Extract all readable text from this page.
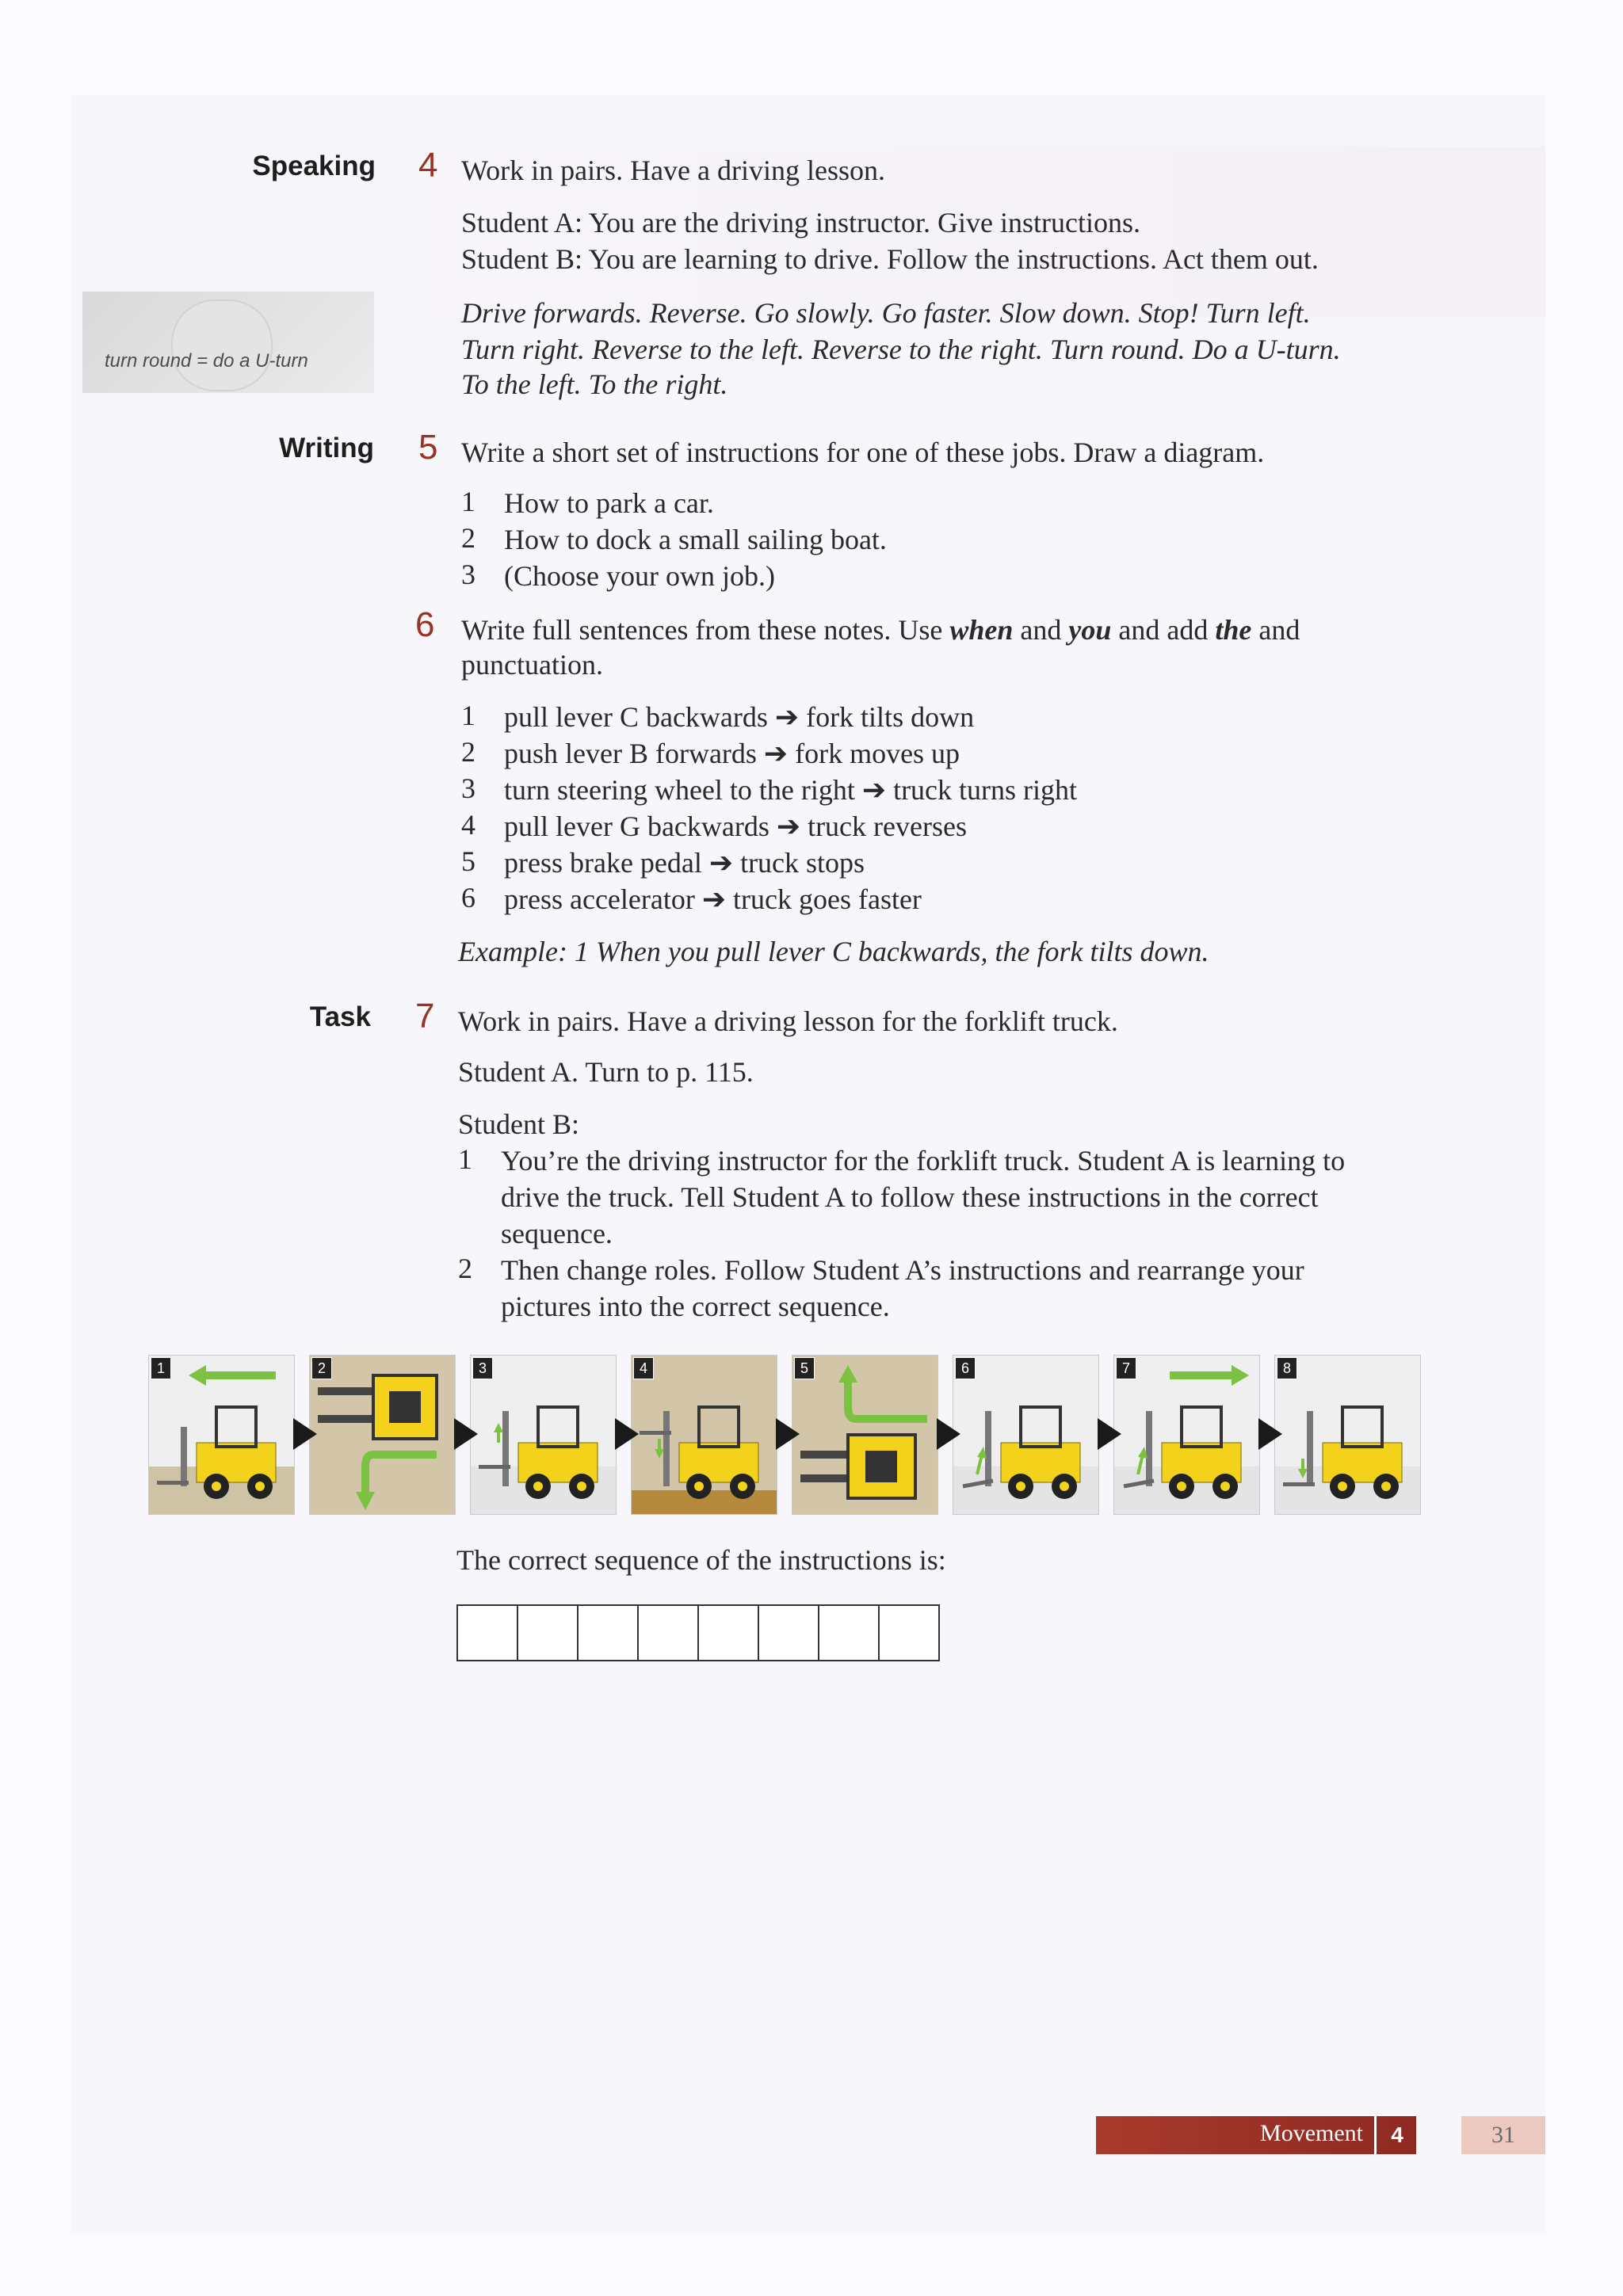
Speaking 4 Work in pairs. Have a driving lesson.
Student A: You are the driving instructor. Give instructions.
Student B: You are learning to drive. Follow the instructions. Act them out.
Drive forwards. Reverse. Go slowly. Go faster. Slow down. Stop! Turn left.
Turn right. Reverse to the left. Reverse to the right. Turn round. Do a U-turn.
To the left. To the right.
turn round = do a U-turn
Writing 5 Write a short set of instructions for one of these jobs. Draw a diagram.
1 How to park a car.
2 How to dock a small sailing boat.
3 (Choose your own job.)
6 Write full sentences from these notes. Use when and you and add the and
punctuation.
1 pull lever C backwards ➔ fork tilts down
2 push lever B forwards ➔ fork moves up
3 turn steering wheel to the right ➔ truck turns right
4 pull lever G backwards ➔ truck reverses
5 press brake pedal ➔ truck stops
6 press accelerator ➔ truck goes faster
Example: 1 When you pull lever C backwards, the fork tilts down.
Task 7 Work in pairs. Have a driving lesson for the forklift truck.
Student A. Turn to p. 115.
Student B:
1 You’re the driving instructor for the forklift truck. Student A is learning to
drive the truck. Tell Student A to follow these instructions in the correct
sequence.
2 Then change roles. Follow Student A’s instructions and rearrange your
pictures into the correct sequence.
1	2	3	4	5	6	7	8
The correct sequence of the instructions is:
Movement	4	31
